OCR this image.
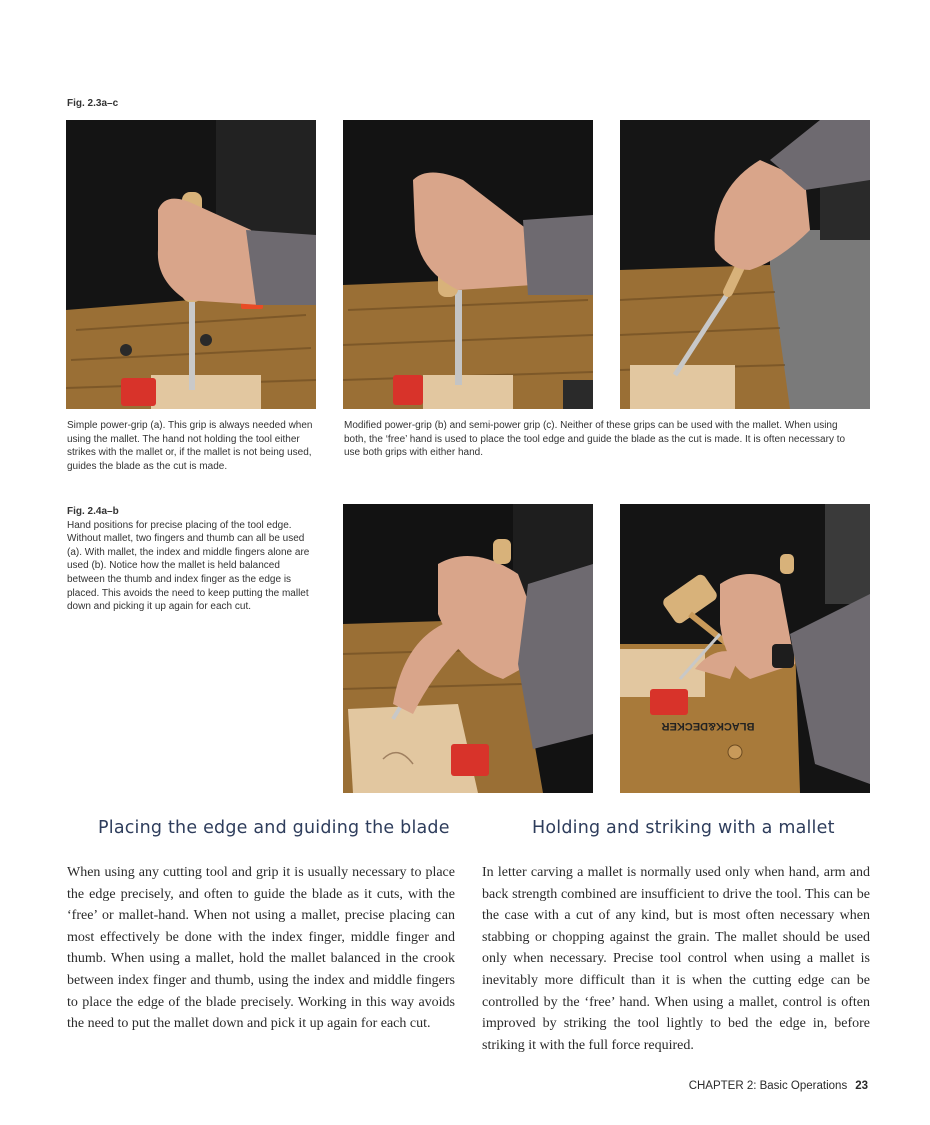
Fig. 2.3a–c

Simple power-grip (a). This grip is always needed when using the mallet. The hand not holding the tool either strikes with the mallet or, if the mallet is not being used, guides the blade as the cut is made.

Modified power-grip (b) and semi-power grip (c). Neither of these grips can be used with the mallet. When using both, the ‘free’ hand is used to place the tool edge and guide the blade as the cut is made. It is often necessary to use both grips with either hand.

Fig. 2.4a–b
Hand positions for precise placing of the tool edge. Without mallet, two fingers and thumb can all be used (a). With mallet, the index and middle fingers alone are used (b). Notice how the mallet is held balanced between the thumb and index finger as the edge is placed. This avoids the need to keep putting the mallet down and picking it up again for each cut.

BLACK&DECKER
Placing the edge and guiding the blade	Holding and striking with a mallet

When using any cutting tool and grip it is usually necessary to place the edge precisely, and often to guide the blade as it cuts, with the ‘free’ or mallet-hand. When not using a mallet, precise placing can most effectively be done with the index finger, middle finger and thumb. When using a mallet, hold the mallet balanced in the crook between index finger and thumb, using the index and middle fingers to place the edge of the blade precisely. Working in this way avoids the need to put the mallet down and pick it up again for each cut.

In letter carving a mallet is normally used only when hand, arm and back strength combined are insufficient to drive the tool. This can be the case with a cut of any kind, but is most often necessary when stabbing or chopping against the grain. The mallet should be used only when necessary. Precise tool control when using a mallet is inevitably more difficult than it is when the cutting edge can be controlled by the ‘free’ hand. When using a mallet, control is often improved by striking the tool lightly to bed the edge in, before striking it with the full force required.

CHAPTER 2: Basic Operations 23
